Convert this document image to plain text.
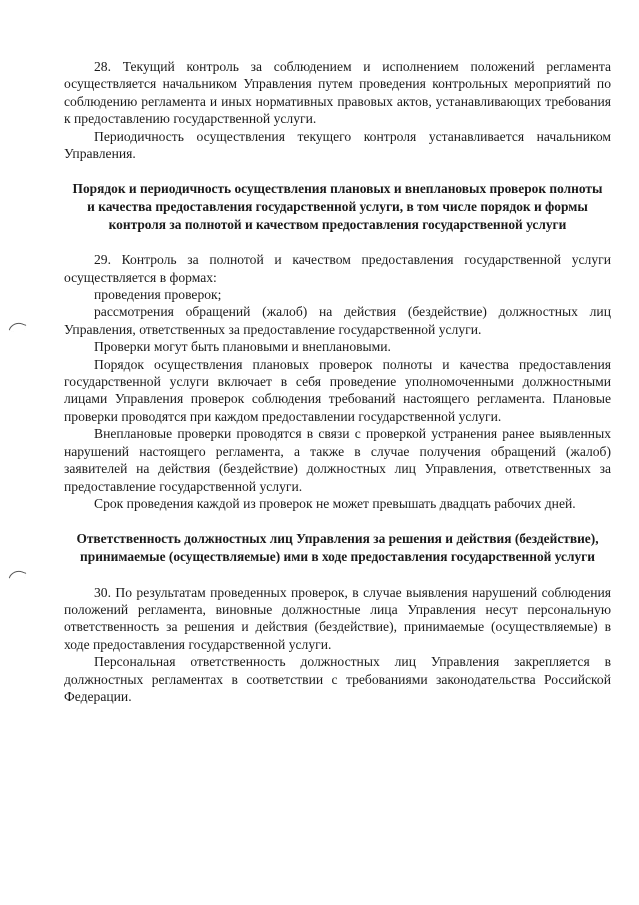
28. Текущий контроль за соблюдением и исполнением положений регламента осуществляется начальником Управления путем проведения контрольных мероприятий по соблюдению регламента и иных нормативных правовых актов, устанавливающих требования к предоставлению государственной услуги.

Периодичность осуществления текущего контроля устанавливается начальником Управления.

Порядок и периодичность осуществления плановых и внеплановых проверок полноты и качества предоставления государственной услуги, в том числе порядок и формы контроля за полнотой и качеством предоставления государственной услуги

29. Контроль за полнотой и качеством предоставления государственной услуги осуществляется в формах:

проведения проверок;

рассмотрения обращений (жалоб) на действия (бездействие) должностных лиц Управления, ответственных за предоставление государственной услуги.

Проверки могут быть плановыми и внеплановыми.

Порядок осуществления плановых проверок полноты и качества предоставления государственной услуги включает в себя проведение уполномоченными должностными лицами Управления проверок соблюдения требований настоящего регламента. Плановые проверки проводятся при каждом предоставлении государственной услуги.

Внеплановые проверки проводятся в связи с проверкой устранения ранее выявленных нарушений настоящего регламента, а также в случае получения обращений (жалоб) заявителей на действия (бездействие) должностных лиц Управления, ответственных за предоставление государственной услуги.

Срок проведения каждой из проверок не может превышать двадцать рабочих дней.

Ответственность должностных лиц Управления за решения и действия (бездействие), принимаемые (осуществляемые) ими в ходе предоставления государственной услуги

30. По результатам проведенных проверок, в случае выявления нарушений соблюдения положений регламента, виновные должностные лица Управления несут персональную ответственность за решения и действия (бездействие), принимаемые (осуществляемые) в ходе предоставления государственной услуги.

Персональная ответственность должностных лиц Управления закрепляется в должностных регламентах в соответствии с требованиями законодательства Российской Федерации.
